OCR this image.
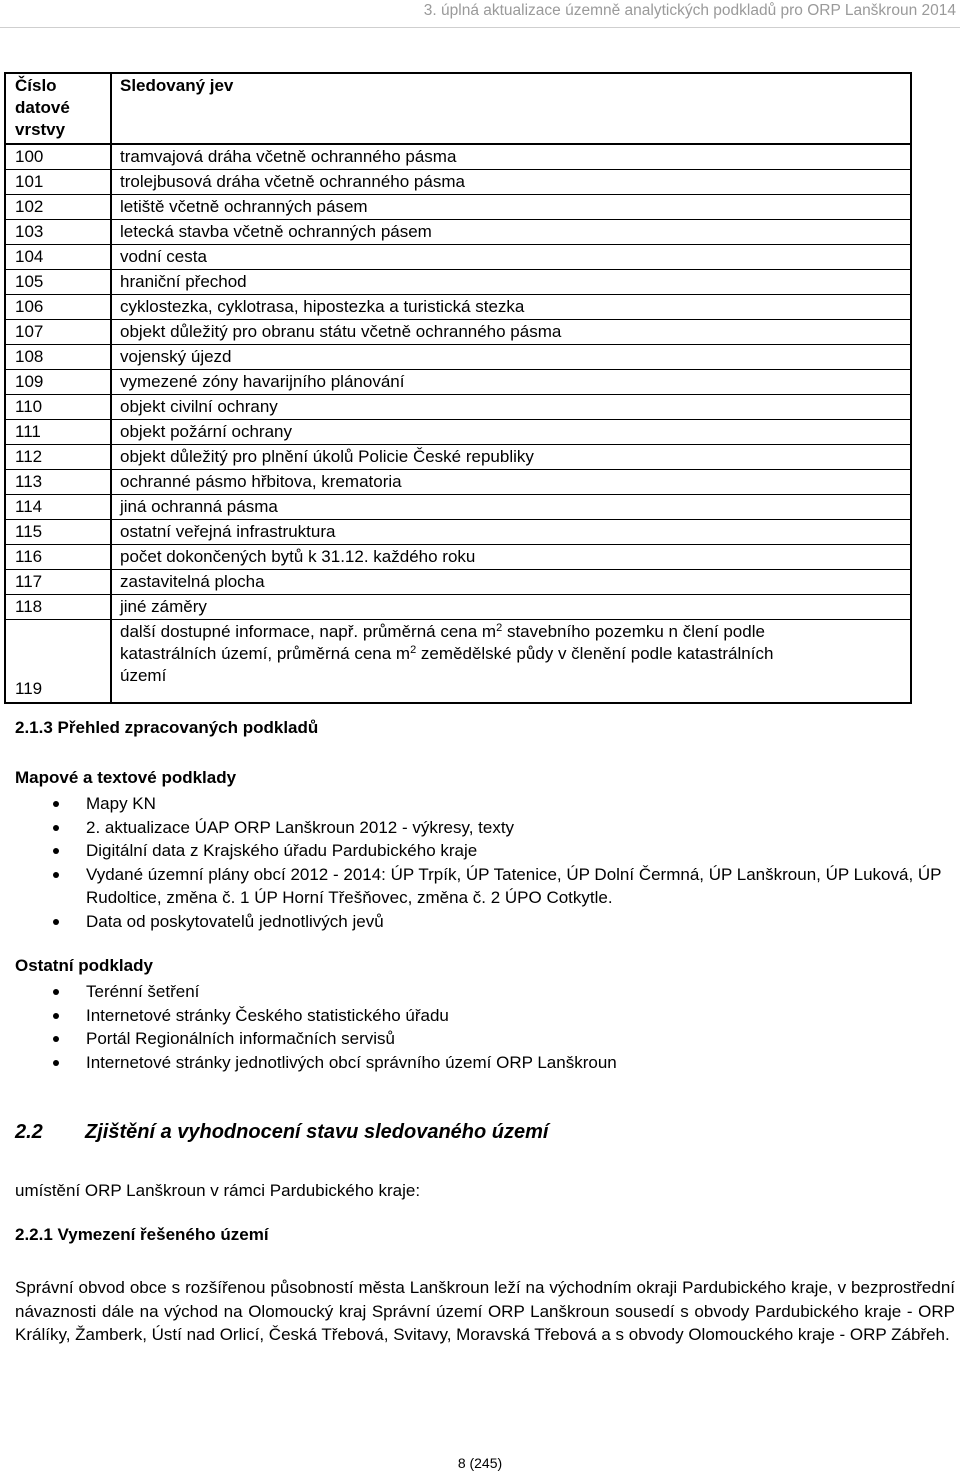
3. úplná aktualizace územně analytických podkladů pro ORP Lanškroun 2014
Číslo datové vrstvy	Sledovaný jev
100	tramvajová dráha včetně ochranného pásma
101	trolejbusová dráha včetně ochranného pásma
102	letiště včetně ochranných pásem
103	letecká stavba včetně ochranných pásem
104	vodní cesta
105	hraniční přechod
106	cyklostezka, cyklotrasa, hipostezka a turistická stezka
107	objekt důležitý pro obranu státu včetně ochranného pásma
108	vojenský újezd
109	vymezené zóny havarijního plánování
110	objekt civilní ochrany
111	objekt požární ochrany
112	objekt důležitý pro plnění úkolů Policie České republiky
113	ochranné pásmo hřbitova, krematoria
114	jiná ochranná pásma
115	ostatní veřejná infrastruktura
116	počet dokončených bytů k 31.12. každého roku
117	zastavitelná plocha
118	jiné záměry
119	další dostupné informace, např. průměrná cena $m^2$ stavebního pozemku n člení podle
katastrálních území, průměrná cena $m^2$ zemědělské půdy v členění podle katastrálních
území
2.1.3 Přehled zpracovaných podkladů
Mapové a textové podklady
Mapy KN
2. aktualizace ÚAP ORP Lanškroun 2012 - výkresy, texty
Digitální data z Krajského úřadu Pardubického kraje
Vydané územní plány obcí 2012 - 2014: ÚP Trpík, ÚP Tatenice, ÚP Dolní Čermná, ÚP Lanškroun, ÚP Luková, ÚP Rudoltice, změna č. 1 ÚP Horní Třešňovec, změna č. 2 ÚPO Cotkytle.
Data od poskytovatelů jednotlivých jevů
Ostatní podklady
Terénní šetření
Internetové stránky Českého statistického úřadu
Portál Regionálních informačních servisů
Internetové stránky jednotlivých obcí správního území ORP Lanškroun
2.2 Zjištění a vyhodnocení stavu sledovaného území
umístění ORP Lanškroun v rámci Pardubického kraje:
2.2.1 Vymezení řešeného území
Správní obvod obce s rozšířenou působností města Lanškroun leží na východním okraji Pardubického kraje, v bezprostřední návaznosti dále na východ na Olomoucký kraj Správní území ORP Lanškroun sousedí s obvody Pardubického kraje - ORP Králíky, Žamberk, Ústí nad Orlicí, Česká Třebová, Svitavy, Moravská Třebová a s obvody Olomouckého kraje - ORP Zábřeh.
8 (245)
